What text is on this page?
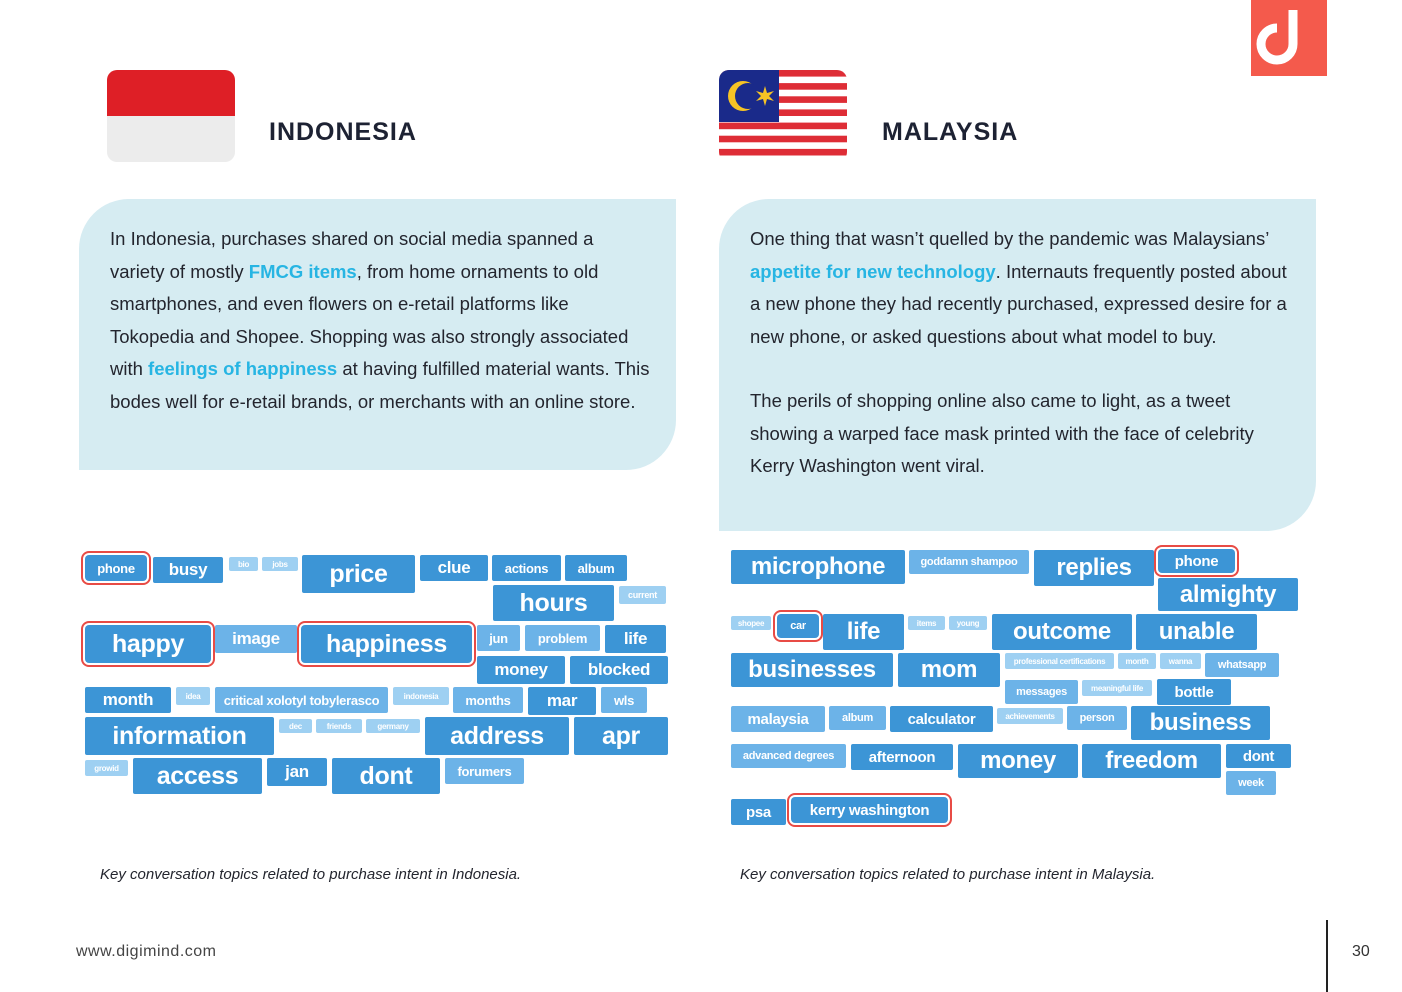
INDONESIA	MALAYSIA

In Indonesia, purchases shared on social media spanned a variety of mostly FMCG items, from home ornaments to old smartphones, and even flowers on e-retail platforms like Tokopedia and Shopee. Shopping was also strongly associated with feelings of happiness at having fulfilled material wants. This bodes well for e-retail brands, or merchants with an online store.

One thing that wasn’t quelled by the pandemic was Malaysians’ appetite for new technology. Internauts frequently posted about a new phone they had recently purchased, expressed desire for a new phone, or asked questions about what model to buy.

The perils of shopping online also came to light, as a tweet showing a warped face mask printed with the face of celebrity Kerry Washington went viral.

phone	busy	bio	jobs	price	clue	actions	album
hours	current
happy	image	happiness	jun	problem	life
money	blocked
month	idea	critical xolotyl tobylerasco	indonesia	months	mar	wls
information	dec	friends	germany	address	apr
growid	access	jan	dont	forumers
microphone	goddamn shampoo	replies	phone
almighty
shopee	car	life	items	young	outcome	unable
businesses	mom	professional certifications	month	wanna	whatsapp
messages	meaningful life	bottle
malaysia	album	calculator	achievements	person	business
advanced degrees	afternoon	money	freedom	dont
week
psa	kerry washington
Key conversation topics related to purchase intent in Indonesia.	Key conversation topics related to purchase intent in Malaysia.
www.digimind.com	30
